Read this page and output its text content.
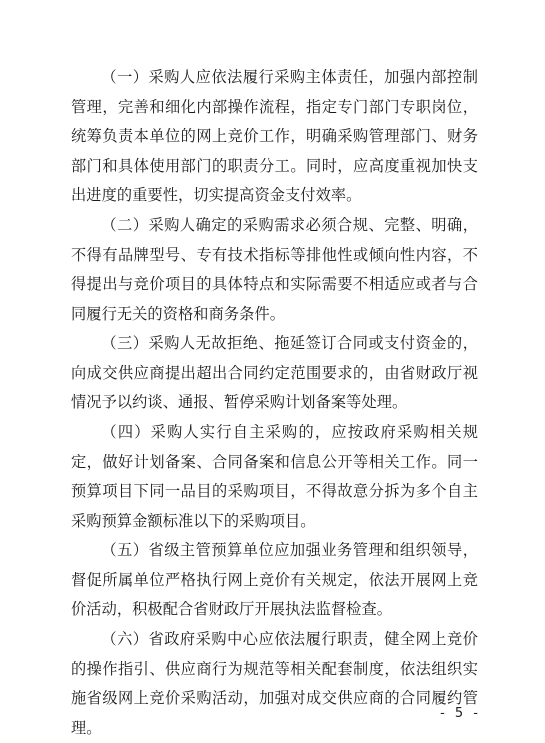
（一）采购人应依法履行采购主体责任，加强内部控制管理，完善和细化内部操作流程，指定专门部门专职岗位，统筹负责本单位的网上竞价工作，明确采购管理部门、财务部门和具体使用部门的职责分工。同时，应高度重视加快支出进度的重要性，切实提高资金支付效率。

（二）采购人确定的采购需求必须合规、完整、明确，不得有品牌型号、专有技术指标等排他性或倾向性内容，不得提出与竞价项目的具体特点和实际需要不相适应或者与合同履行无关的资格和商务条件。

（三）采购人无故拒绝、拖延签订合同或支付资金的，向成交供应商提出超出合同约定范围要求的，由省财政厅视情况予以约谈、通报、暂停采购计划备案等处理。

（四）采购人实行自主采购的，应按政府采购相关规定，做好计划备案、合同备案和信息公开等相关工作。同一预算项目下同一品目的采购项目，不得故意分拆为多个自主采购预算金额标准以下的采购项目。

（五）省级主管预算单位应加强业务管理和组织领导，督促所属单位严格执行网上竞价有关规定，依法开展网上竞价活动，积极配合省财政厅开展执法监督检查。

（六）省政府采购中心应依法履行职责，健全网上竞价的操作指引、供应商行为规范等相关配套制度，依法组织实施省级网上竞价采购活动，加强对成交供应商的合同履约管理。

- 5 -
